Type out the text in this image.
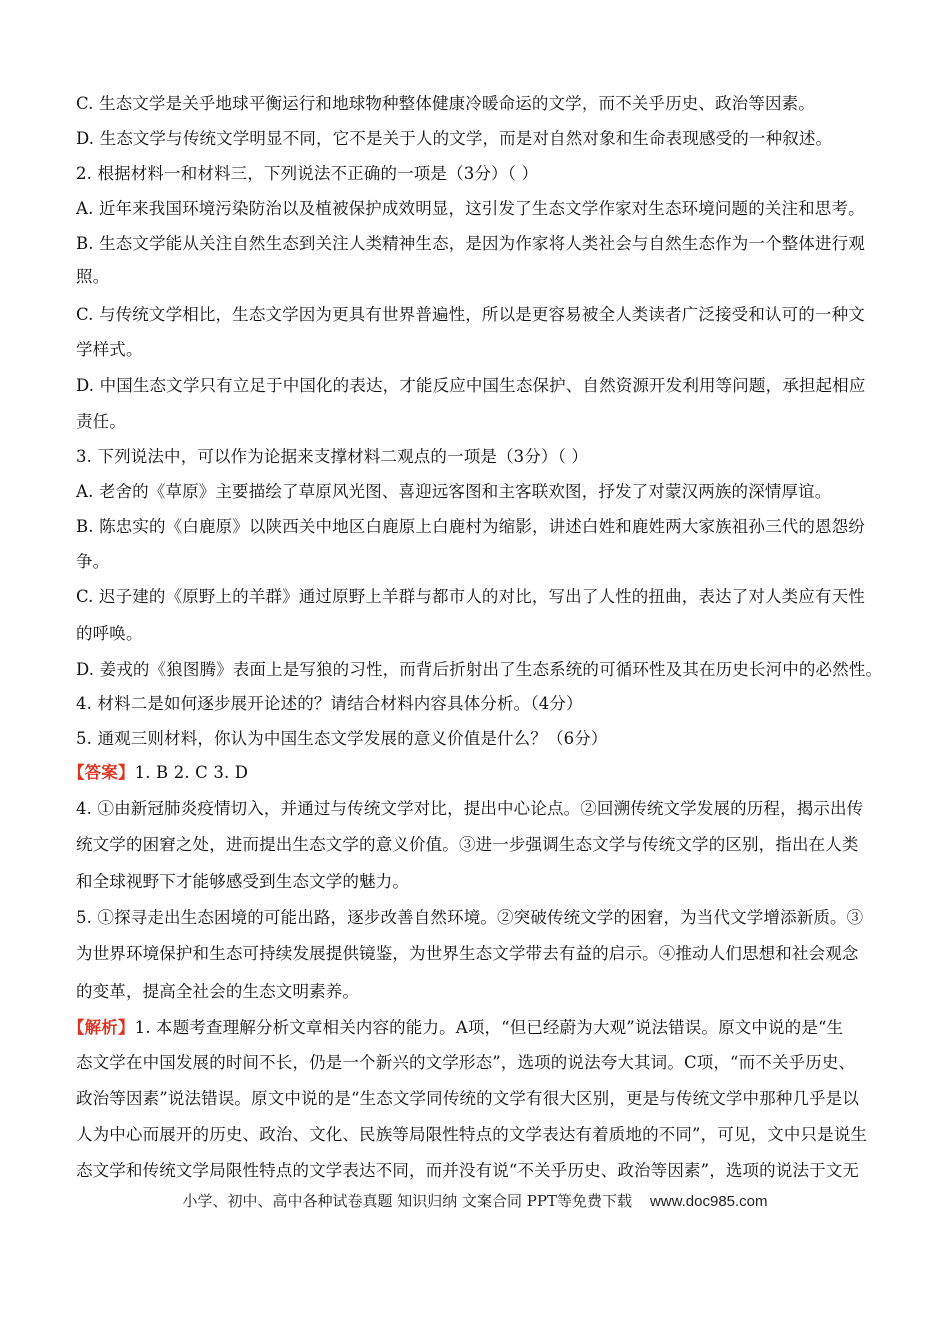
C. 生态文学是关乎地球平衡运行和地球物种整体健康冷暖命运的文学，而不关乎历史、政治等因素。
D. 生态文学与传统文学明显不同，它不是关于人的文学，而是对自然对象和生命表现感受的一种叙述。
2. 根据材料一和材料三，下列说法不正确的一项是（3分）（ ）
A. 近年来我国环境污染防治以及植被保护成效明显，这引发了生态文学作家对生态环境问题的关注和思考。
B. 生态文学能从关注自然生态到关注人类精神生态，是因为作家将人类社会与自然生态作为一个整体进行观
照。
C. 与传统文学相比，生态文学因为更具有世界普遍性，所以是更容易被全人类读者广泛接受和认可的一种文
学样式。
D. 中国生态文学只有立足于中国化的表达，才能反应中国生态保护、自然资源开发利用等问题，承担起相应
责任。
3. 下列说法中，可以作为论据来支撑材料二观点的一项是（3分）（ ）
A. 老舍的《草原》主要描绘了草原风光图、喜迎远客图和主客联欢图，抒发了对蒙汉两族的深情厚谊。
B. 陈忠实的《白鹿原》以陕西关中地区白鹿原上白鹿村为缩影，讲述白姓和鹿姓两大家族祖孙三代的恩怨纷
争。
C. 迟子建的《原野上的羊群》通过原野上羊群与都市人的对比，写出了人性的扭曲，表达了对人类应有天性
的呼唤。
D. 姜戎的《狼图腾》表面上是写狼的习性，而背后折射出了生态系统的可循环性及其在历史长河中的必然性。
4. 材料二是如何逐步展开论述的？请结合材料内容具体分析。（4分）
5. 通观三则材料，你认为中国生态文学发展的意义价值是什么？（6分）
【答案】1. B 2. C 3. D
4. ①由新冠肺炎疫情切入，并通过与传统文学对比，提出中心论点。②回溯传统文学发展的历程，揭示出传
统文学的困窘之处，进而提出生态文学的意义价值。③进一步强调生态文学与传统文学的区别，指出在人类
和全球视野下才能够感受到生态文学的魅力。
5. ①探寻走出生态困境的可能出路，逐步改善自然环境。②突破传统文学的困窘，为当代文学增添新质。③
为世界环境保护和生态可持续发展提供镜鉴，为世界生态文学带去有益的启示。④推动人们思想和社会观念
的变革，提高全社会的生态文明素养。
【解析】1. 本题考查理解分析文章相关内容的能力。A项，“但已经蔚为大观”说法错误。原文中说的是“生
态文学在中国发展的时间不长，仍是一个新兴的文学形态”，选项的说法夸大其词。C项，“而不关乎历史、
政治等因素”说法错误。原文中说的是“生态文学同传统的文学有很大区别，更是与传统文学中那种几乎是以
人为中心而展开的历史、政治、文化、民族等局限性特点的文学表达有着质地的不同”，可见，文中只是说生
态文学和传统文学局限性特点的文学表达不同，而并没有说“不关乎历史、政治等因素”，选项的说法于文无
小学、初中、高中各种试卷真题 知识归纳 文案合同 PPT等免费下载 www.doc985.com
